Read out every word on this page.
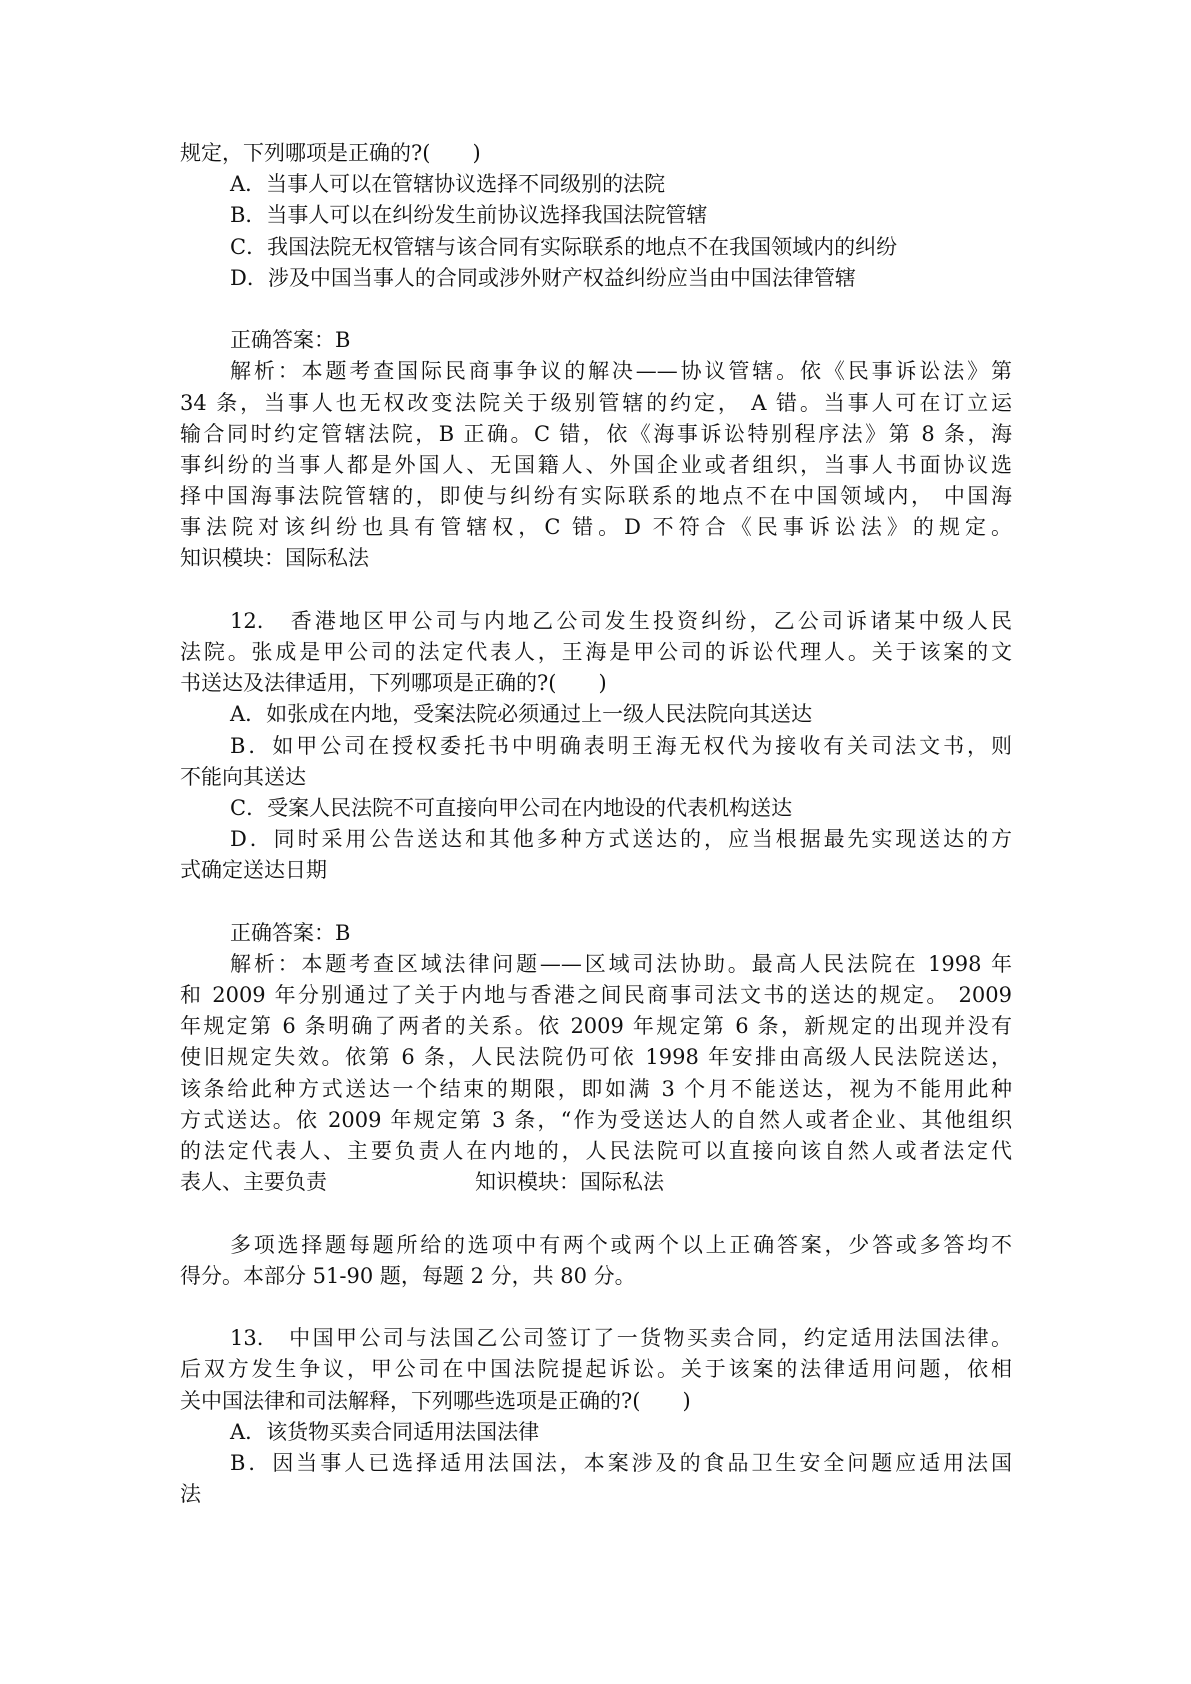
规定，下列哪项是正确的?(　　)
A．当事人可以在管辖协议选择不同级别的法院
B．当事人可以在纠纷发生前协议选择我国法院管辖
C．我国法院无权管辖与该合同有实际联系的地点不在我国领域内的纠纷
D．涉及中国当事人的合同或涉外财产权益纠纷应当由中国法律管辖
正确答案：B
解析：本题考查国际民商事争议的解决——协议管辖。依《民事诉讼法》第
34 条，当事人也无权改变法院关于级别管辖的约定， A 错。当事人可在订立运
输合同时约定管辖法院，B 正确。C 错，依《海事诉讼特别程序法》第 8 条，海
事纠纷的当事人都是外国人、无国籍人、外国企业或者组织，当事人书面协议选
择中国海事法院管辖的，即使与纠纷有实际联系的地点不在中国领域内， 中国海
事法院对该纠纷也具有管辖权，C 错。D 不符合《民事诉讼法》的规定。
知识模块：国际私法
12.　香港地区甲公司与内地乙公司发生投资纠纷，乙公司诉诸某中级人民
法院。张成是甲公司的法定代表人，王海是甲公司的诉讼代理人。关于该案的文
书送达及法律适用，下列哪项是正确的?(　　)
A．如张成在内地，受案法院必须通过上一级人民法院向其送达
B．如甲公司在授权委托书中明确表明王海无权代为接收有关司法文书，则
不能向其送达
C．受案人民法院不可直接向甲公司在内地设的代表机构送达
D．同时采用公告送达和其他多种方式送达的，应当根据最先实现送达的方
式确定送达日期
正确答案：B
解析：本题考查区域法律问题——区域司法协助。最高人民法院在 1998 年
和 2009 年分别通过了关于内地与香港之间民商事司法文书的送达的规定。 2009
年规定第 6 条明确了两者的关系。依 2009 年规定第 6 条，新规定的出现并没有
使旧规定失效。依第 6 条，人民法院仍可依 1998 年安排由高级人民法院送达，
该条给此种方式送达一个结束的期限，即如满 3 个月不能送达，视为不能用此种
方式送达。依 2009 年规定第 3 条，“作为受送达人的自然人或者企业、其他组织
的法定代表人、主要负责人在内地的，人民法院可以直接向该自然人或者法定代
表人、主要负责	知识模块：国际私法
多项选择题每题所给的选项中有两个或两个以上正确答案，少答或多答均不
得分。本部分 51-90 题，每题 2 分，共 80 分。
13.　中国甲公司与法国乙公司签订了一货物买卖合同，约定适用法国法律。
后双方发生争议，甲公司在中国法院提起诉讼。关于该案的法律适用问题，依相
关中国法律和司法解释，下列哪些选项是正确的?(　　)
A．该货物买卖合同适用法国法律
B．因当事人已选择适用法国法，本案涉及的食品卫生安全问题应适用法国
法
